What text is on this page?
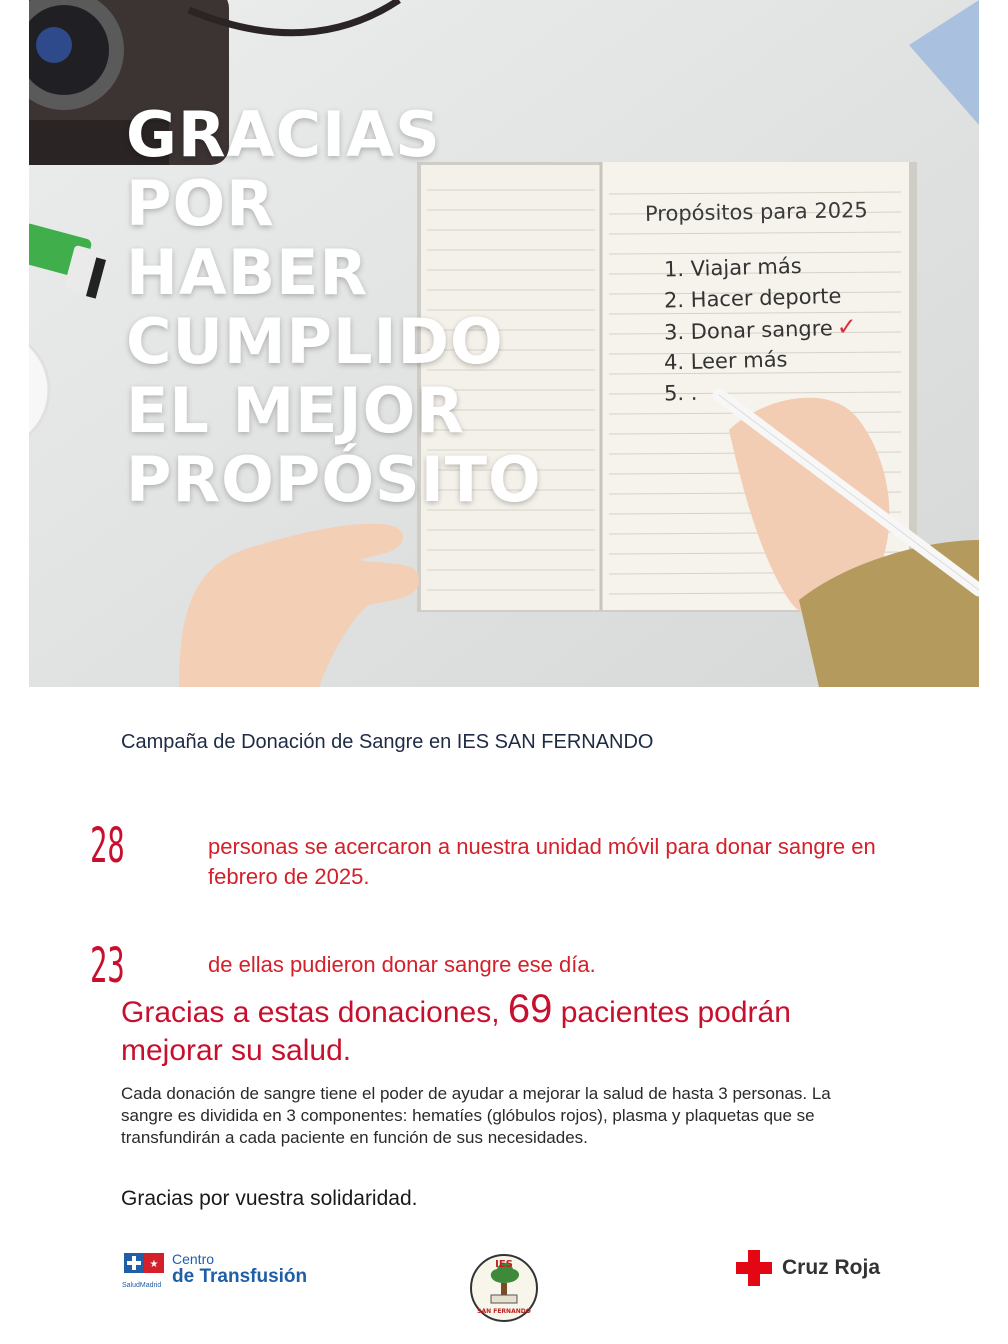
GRACIAS
POR
HABER
CUMPLIDO
EL MEJOR
PROPÓSITO
Propósitos para 2025
1. Viajar más
2. Hacer deporte
3. Donar sangre ✓
4. Leer más
5. .
Campaña de Donación de Sangre en IES SAN FERNANDO
28	personas se acercaron a nuestra unidad móvil para donar sangre en febrero de 2025.
23	de ellas pudieron donar sangre ese día.
Gracias a estas donaciones, 69 pacientes podrán mejorar su salud.
Cada donación de sangre tiene el poder de ayudar a mejorar la salud de hasta 3 personas. La sangre es dividida en 3 componentes: hematíes (glóbulos rojos), plasma y plaquetas que se transfundirán a cada paciente en función de sus necesidades.
Gracias por vuestra solidaridad.
★
SaludMadrid
Centro
de Transfusión
IES
SAN FERNANDO
Cruz Roja
